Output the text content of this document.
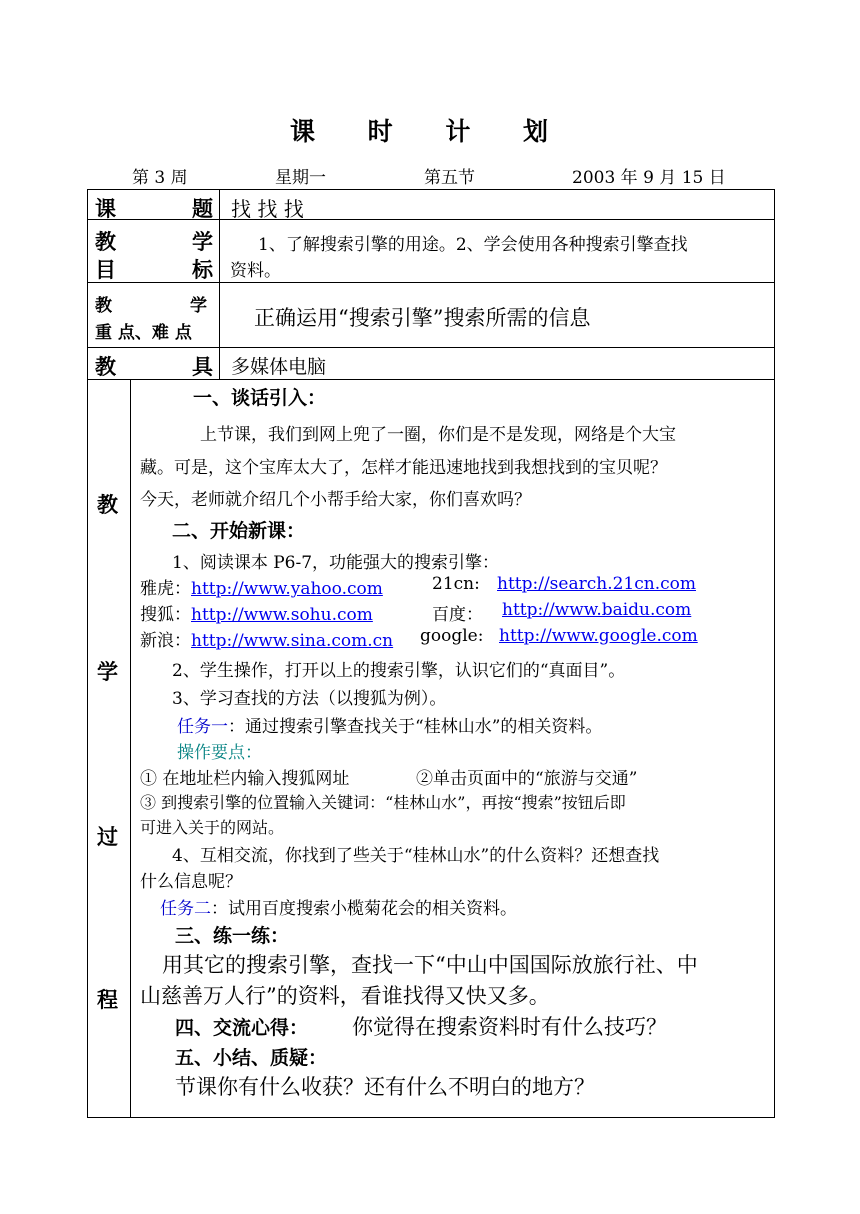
课 时 计 划
第 3 周	星期一	第五节	2003 年 9 月 15 日
课	题 找 找 找
教	学
目	标
1、了解搜索引擎的用途。2、学会使用各种搜索引擎查找
资料。
教	学
重 点、难 点
正确运用“搜索引擎”搜索所需的信息
教	具 多媒体电脑
教
学
过
程
一、谈话引入：
上节课，我们到网上兜了一圈，你们是不是发现，网络是个大宝
藏。可是，这个宝库太大了，怎样才能迅速地找到我想找到的宝贝呢？
今天，老师就介绍几个小帮手给大家，你们喜欢吗？
二、开始新课：
1、阅读课本 P6-7，功能强大的搜索引擎：
雅虎：http://www.yahoo.com	21cn: http://search.21cn.com
搜狐：http://www.sohu.com	百度： http://www.baidu.com
新浪：http://www.sina.com.cn google: http://www.google.com
2、学生操作，打开以上的搜索引擎，认识它们的“真面目”。
3、学习查找的方法（以搜狐为例）。
任务一：通过搜索引擎查找关于“桂林山水”的相关资料。
操作要点：
① 在地址栏内输入搜狐网址	②单击页面中的“旅游与交通”
③ 到搜索引擎的位置输入关键词：“桂林山水”，再按“搜索”按钮后即
可进入关于的网站。
4、互相交流，你找到了些关于“桂林山水”的什么资料？还想查找
什么信息呢？
任务二：试用百度搜索小榄菊花会的相关资料。
三、练一练：
用其它的搜索引擎，查找一下“中山中国国际放旅行社、中
山慈善万人行”的资料，看谁找得又快又多。
四、交流心得： 你觉得在搜索资料时有什么技巧？
五、小结、质疑：
节课你有什么收获？还有什么不明白的地方？
